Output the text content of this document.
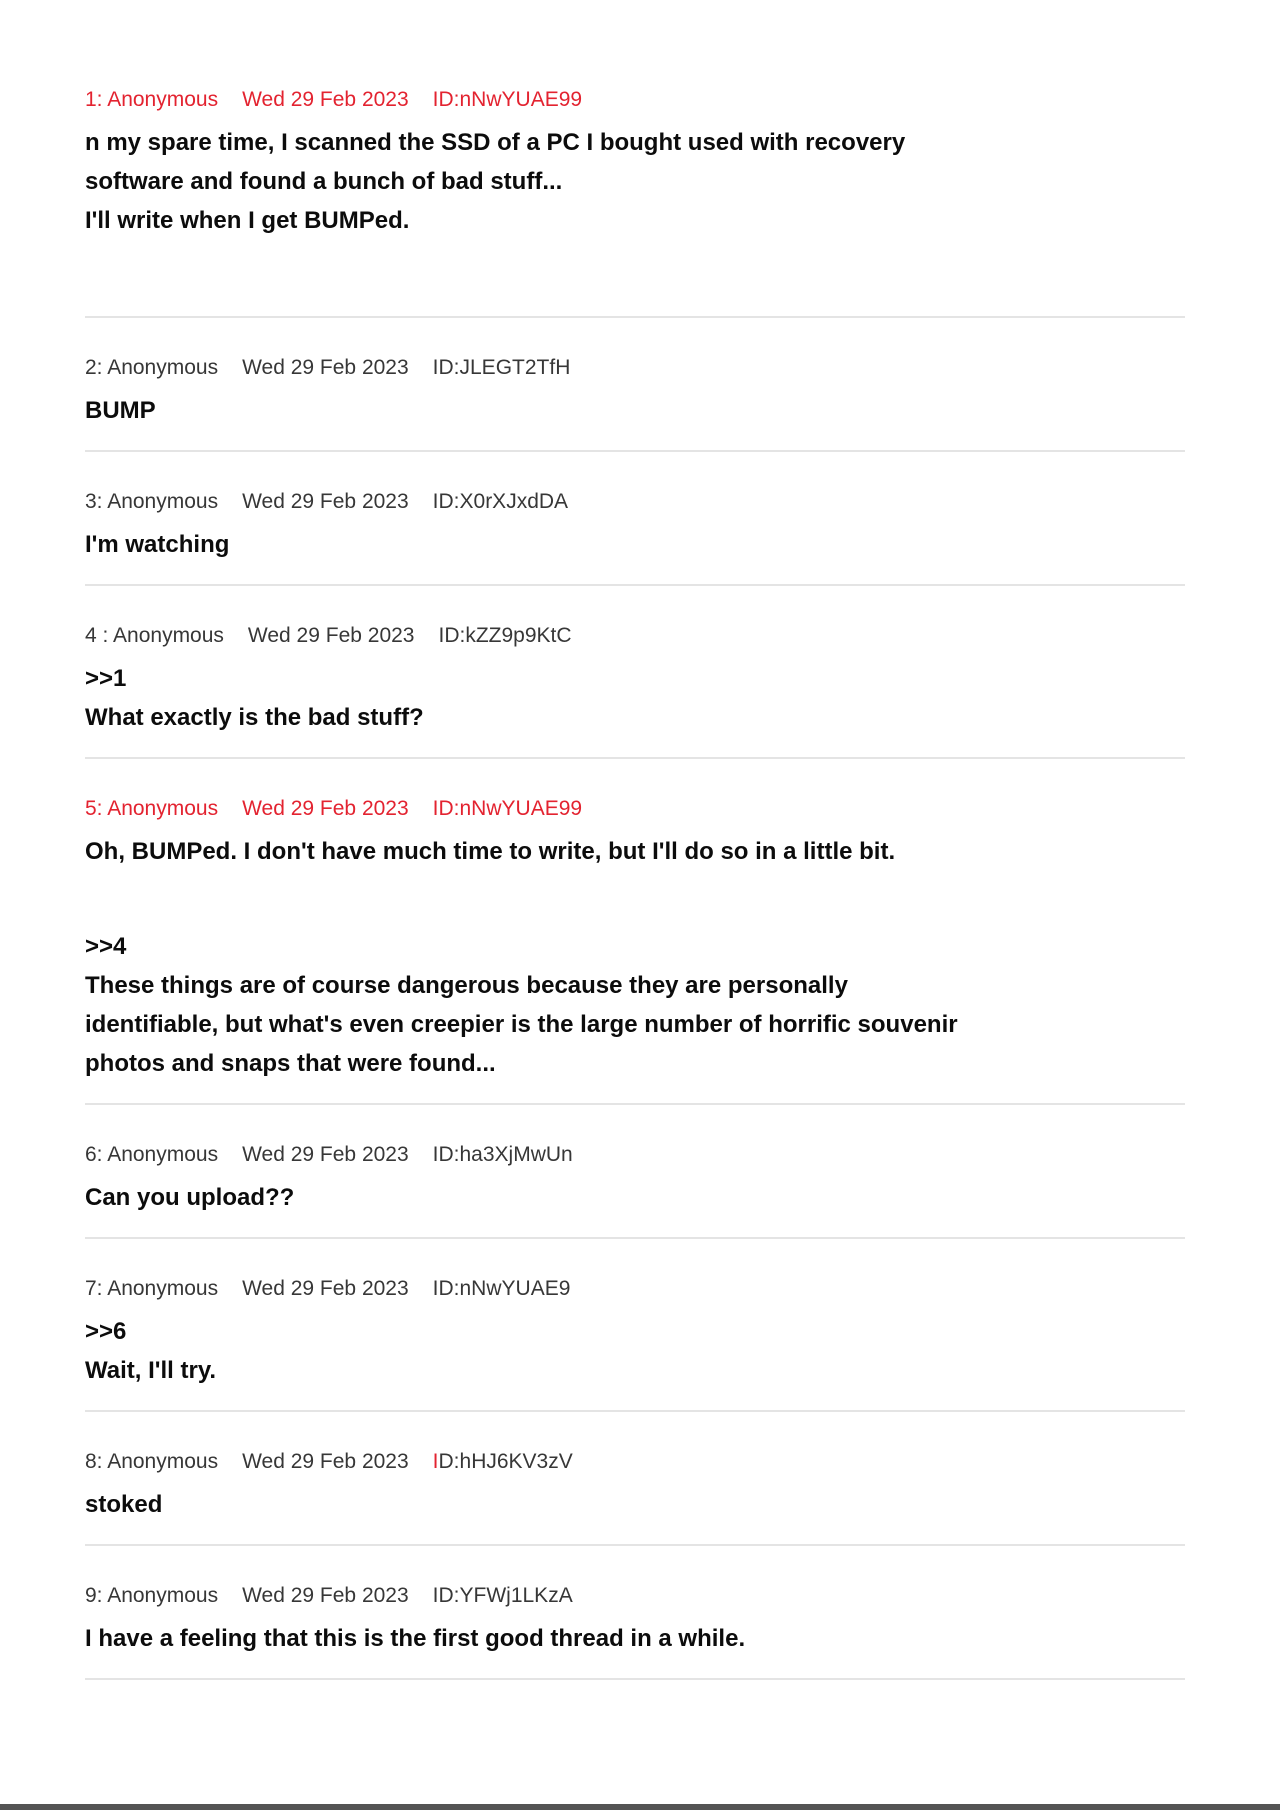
1: Anonymous Wed 29 Feb 2023 ID:nNwYUAE99

n my spare time, I scanned the SSD of a PC I bought used with recovery

software and found a bunch of bad stuff...

I'll write when I get BUMPed.

2: Anonymous Wed 29 Feb 2023 ID:JLEGT2TfH

BUMP

3: Anonymous Wed 29 Feb 2023 ID:X0rXJxdDA

I'm watching

4 : Anonymous Wed 29 Feb 2023 ID:kZZ9p9KtC

>>1

What exactly is the bad stuff?

5: Anonymous Wed 29 Feb 2023 ID:nNwYUAE99

Oh, BUMPed. I don't have much time to write, but I'll do so in a little bit.

>>4

These things are of course dangerous because they are personally

identifiable, but what's even creepier is the large number of horrific souvenir

photos and snaps that were found...

6: Anonymous Wed 29 Feb 2023 ID:ha3XjMwUn

Can you upload??

7: Anonymous Wed 29 Feb 2023 ID:nNwYUAE9

>>6

Wait, I'll try.

8: Anonymous Wed 29 Feb 2023 ID:hHJ6KV3zV

stoked

9: Anonymous Wed 29 Feb 2023 ID:YFWj1LKzA

I have a feeling that this is the first good thread in a while.
